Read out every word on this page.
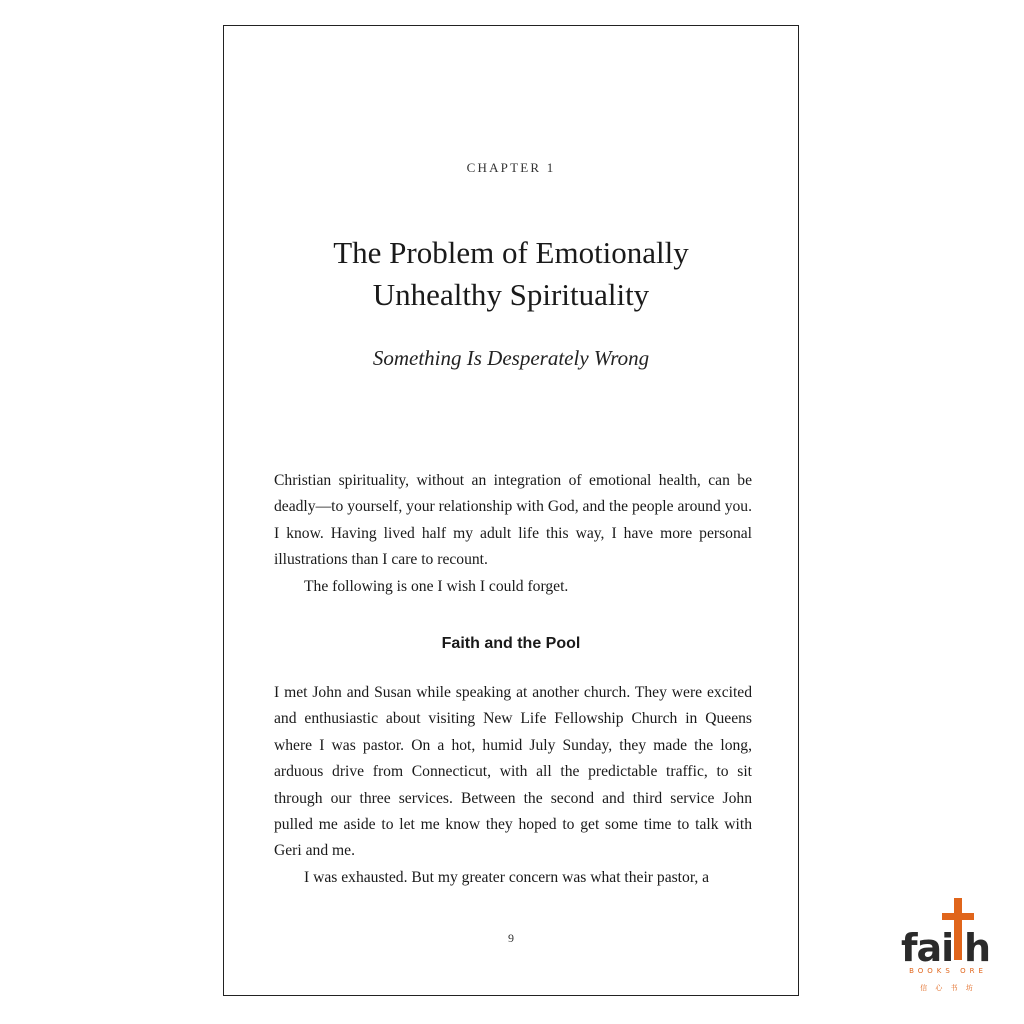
CHAPTER 1
The Problem of Emotionally
Unhealthy Spirituality
Something Is Desperately Wrong

Christian spirituality, without an integration of emotional health, can be deadly—to yourself, your relationship with God, and the people around you. I know. Having lived half my adult life this way, I have more personal illustrations than I care to recount.

The following is one I wish I could forget.

Faith and the Pool

I met John and Susan while speaking at another church. They were excited and enthusiastic about visiting New Life Fellowship Church in Queens where I was pastor. On a hot, humid July Sunday, they made the long, arduous drive from Connecticut, with all the predictable traffic, to sit through our three services. Between the second and third service John pulled me aside to let me know they hoped to get some time to talk with Geri and me.

I was exhausted. But my greater concern was what their pastor, a

9	fai h
信 心 书 坊
BOOKS ORE
